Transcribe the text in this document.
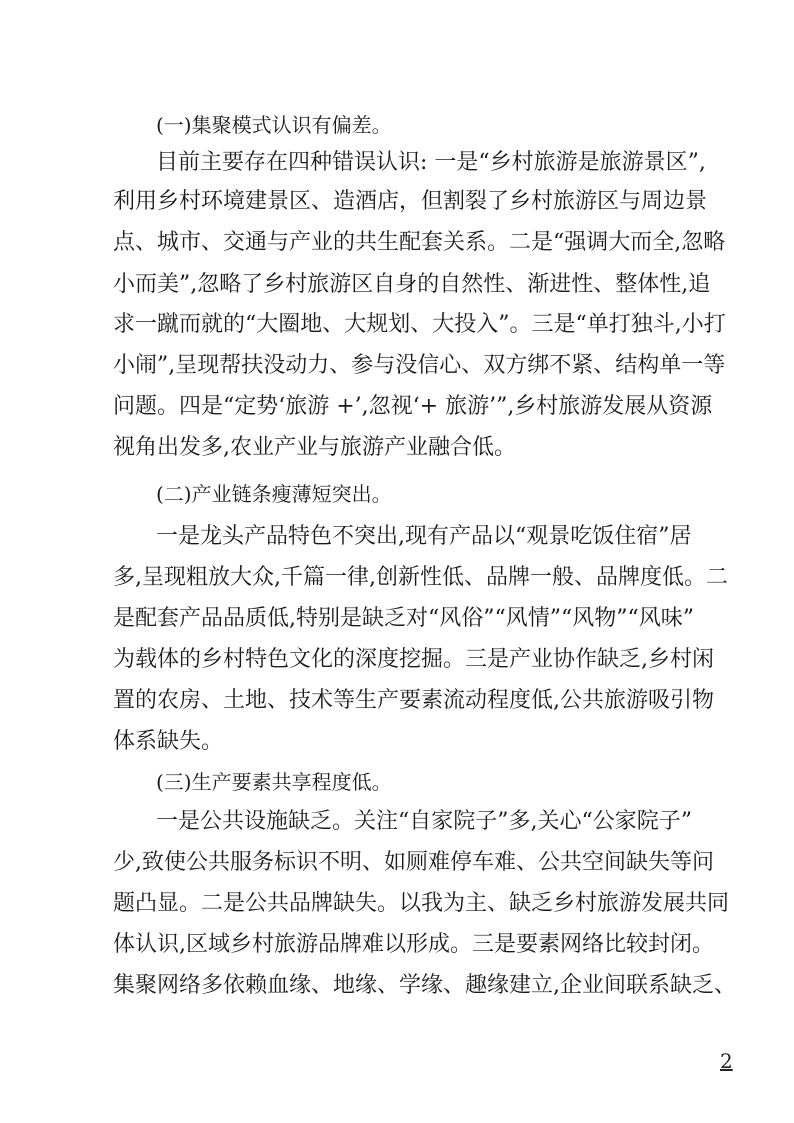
(一)集聚模式认识有偏差。
目前主要存在四种错误认识: 一是“乡村旅游是旅游景区”,
利用乡村环境建景区、造酒店，但割裂了乡村旅游区与周边景
点、城市、交通与产业的共生配套关系。二是“强调大而全,忽略
小而美”,忽略了乡村旅游区自身的自然性、渐进性、整体性,追
求一蹴而就的“大圈地、大规划、大投入”。三是“单打独斗,小打
小闹”,呈现帮扶没动力、参与没信心、双方绑不紧、结构单一等
问题。四是“定势‘旅游 +’,忽视‘+ 旅游’”,乡村旅游发展从资源
视角出发多,农业产业与旅游产业融合低。
(二)产业链条瘦薄短突出。
一是龙头产品特色不突出,现有产品以“观景吃饭住宿”居
多,呈现粗放大众,千篇一律,创新性低、品牌一般、品牌度低。二
是配套产品品质低,特别是缺乏对“风俗”“风情”“风物”“风味”
为载体的乡村特色文化的深度挖掘。三是产业协作缺乏,乡村闲
置的农房、土地、技术等生产要素流动程度低,公共旅游吸引物
体系缺失。
(三)生产要素共享程度低。
一是公共设施缺乏。关注“自家院子”多,关心“公家院子”
少,致使公共服务标识不明、如厕难停车难、公共空间缺失等问
题凸显。二是公共品牌缺失。以我为主、缺乏乡村旅游发展共同
体认识,区域乡村旅游品牌难以形成。三是要素网络比较封闭。
集聚网络多依赖血缘、地缘、学缘、趣缘建立,企业间联系缺乏、
2
